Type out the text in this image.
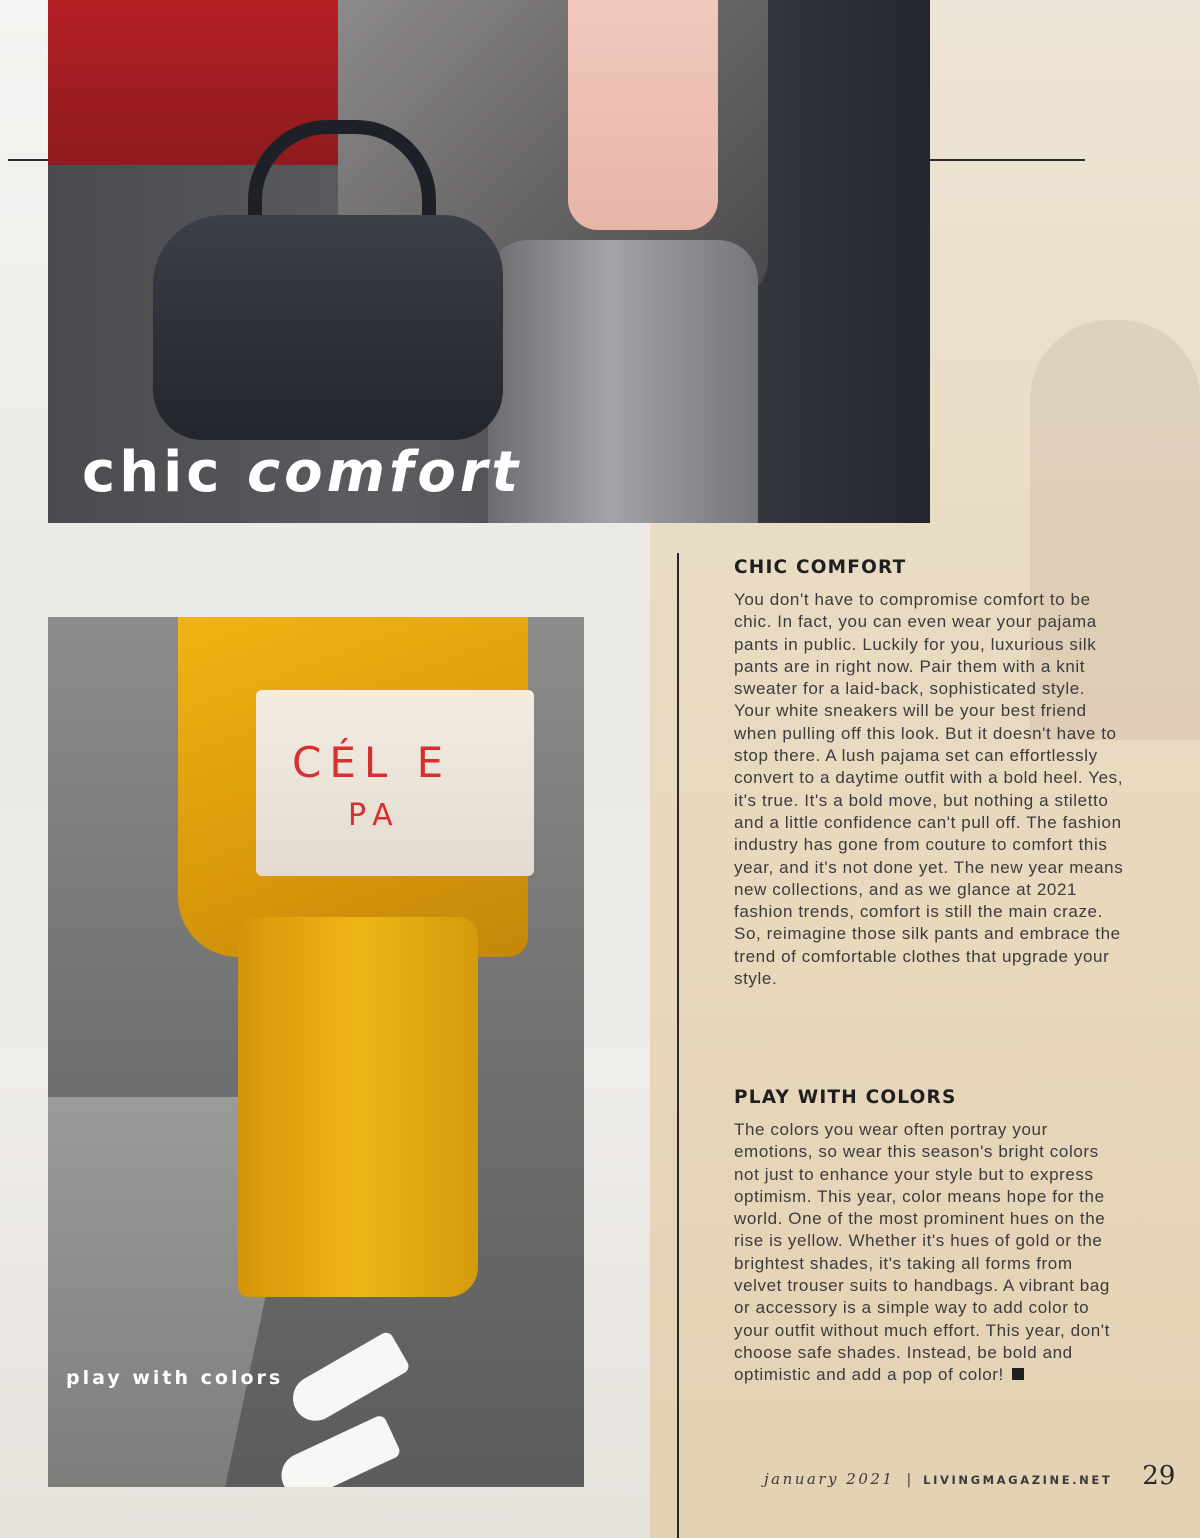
chic comfort
CÉL E
PA
play with colors
CHIC COMFORT

You don't have to compromise comfort to be chic. In fact, you can even wear your pajama pants in public. Luckily for you, luxurious silk pants are in right now. Pair them with a knit sweater for a laid-back, sophisticated style. Your white sneakers will be your best friend when pulling off this look. But it doesn't have to stop there. A lush pajama set can effortlessly convert to a daytime outfit with a bold heel. Yes, it's true. It's a bold move, but nothing a stiletto and a little confidence can't pull off. The fashion industry has gone from couture to comfort this year, and it's not done yet. The new year means new collections, and as we glance at 2021 fashion trends, comfort is still the main craze. So, reimagine those silk pants and embrace the trend of comfortable clothes that upgrade your style.

PLAY WITH COLORS

The colors you wear often portray your emotions, so wear this season's bright colors not just to enhance your style but to express optimism. This year, color means hope for the world. One of the most prominent hues on the rise is yellow. Whether it's hues of gold or the brightest shades, it's taking all forms from velvet trouser suits to handbags. A vibrant bag or accessory is a simple way to add color to your outfit without much effort. This year, don't choose safe shades. Instead, be bold and optimistic and add a pop of color!

january 2021 | LIVINGMAGAZINE.NET 29
